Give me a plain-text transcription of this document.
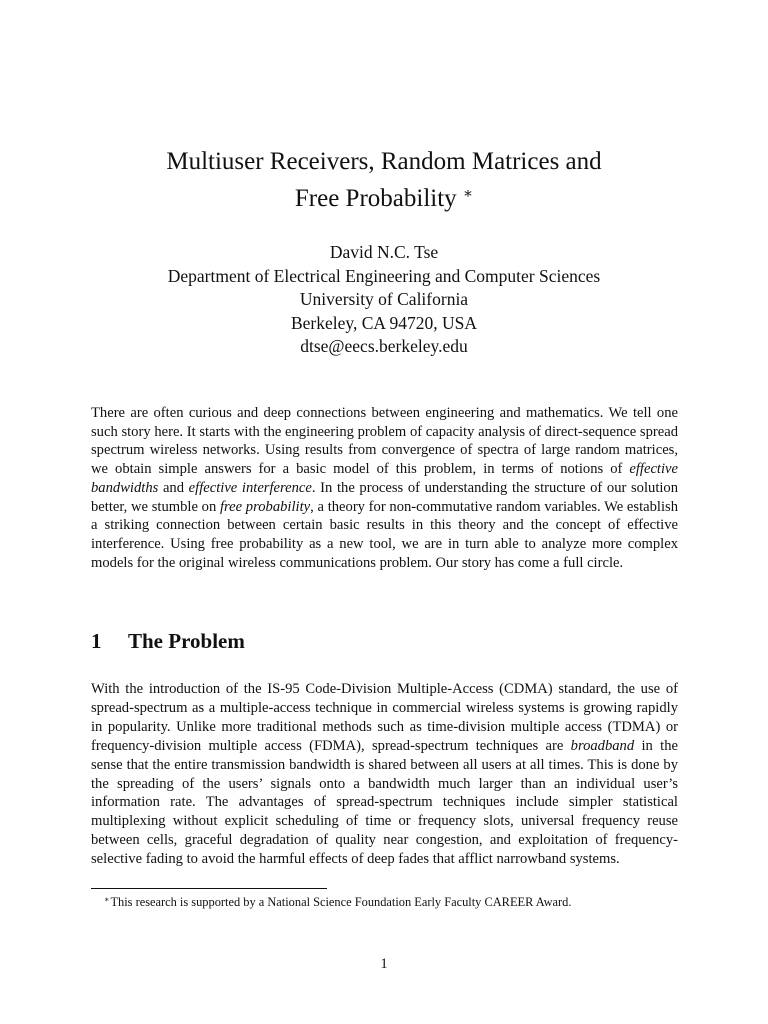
Multiuser Receivers, Random Matrices and
Free Probability ∗
David N.C. Tse
Department of Electrical Engineering and Computer Sciences
University of California
Berkeley, CA 94720, USA
dtse@eecs.berkeley.edu

There are often curious and deep connections between engineering and mathematics. We tell one such story here. It starts with the engineering problem of capacity analysis of direct-sequence spread spectrum wireless networks. Using results from convergence of spectra of large random matrices, we obtain simple answers for a basic model of this problem, in terms of notions of effective bandwidths and effective interference. In the process of understanding the structure of our solution better, we stumble on free probability, a theory for non-commutative random variables. We establish a striking connection between certain basic results in this theory and the concept of effective interference. Using free probability as a new tool, we are in turn able to analyze more complex models for the original wireless communications problem. Our story has come a full circle.

1 The Problem

With the introduction of the IS-95 Code-Division Multiple-Access (CDMA) standard, the use of spread-spectrum as a multiple-access technique in commercial wireless systems is growing rapidly in popularity. Unlike more traditional methods such as time-division multiple access (TDMA) or frequency-division multiple access (FDMA), spread-spectrum techniques are broadband in the sense that the entire transmission bandwidth is shared between all users at all times. This is done by the spreading of the users’ signals onto a bandwidth much larger than an individual user’s information rate. The advantages of spread-spectrum techniques include simpler statistical multiplexing without explicit scheduling of time or frequency slots, universal frequency reuse between cells, graceful degradation of quality near congestion, and exploitation of frequency-selective fading to avoid the harmful effects of deep fades that afflict narrowband systems.

∗This research is supported by a National Science Foundation Early Faculty CAREER Award.

1
